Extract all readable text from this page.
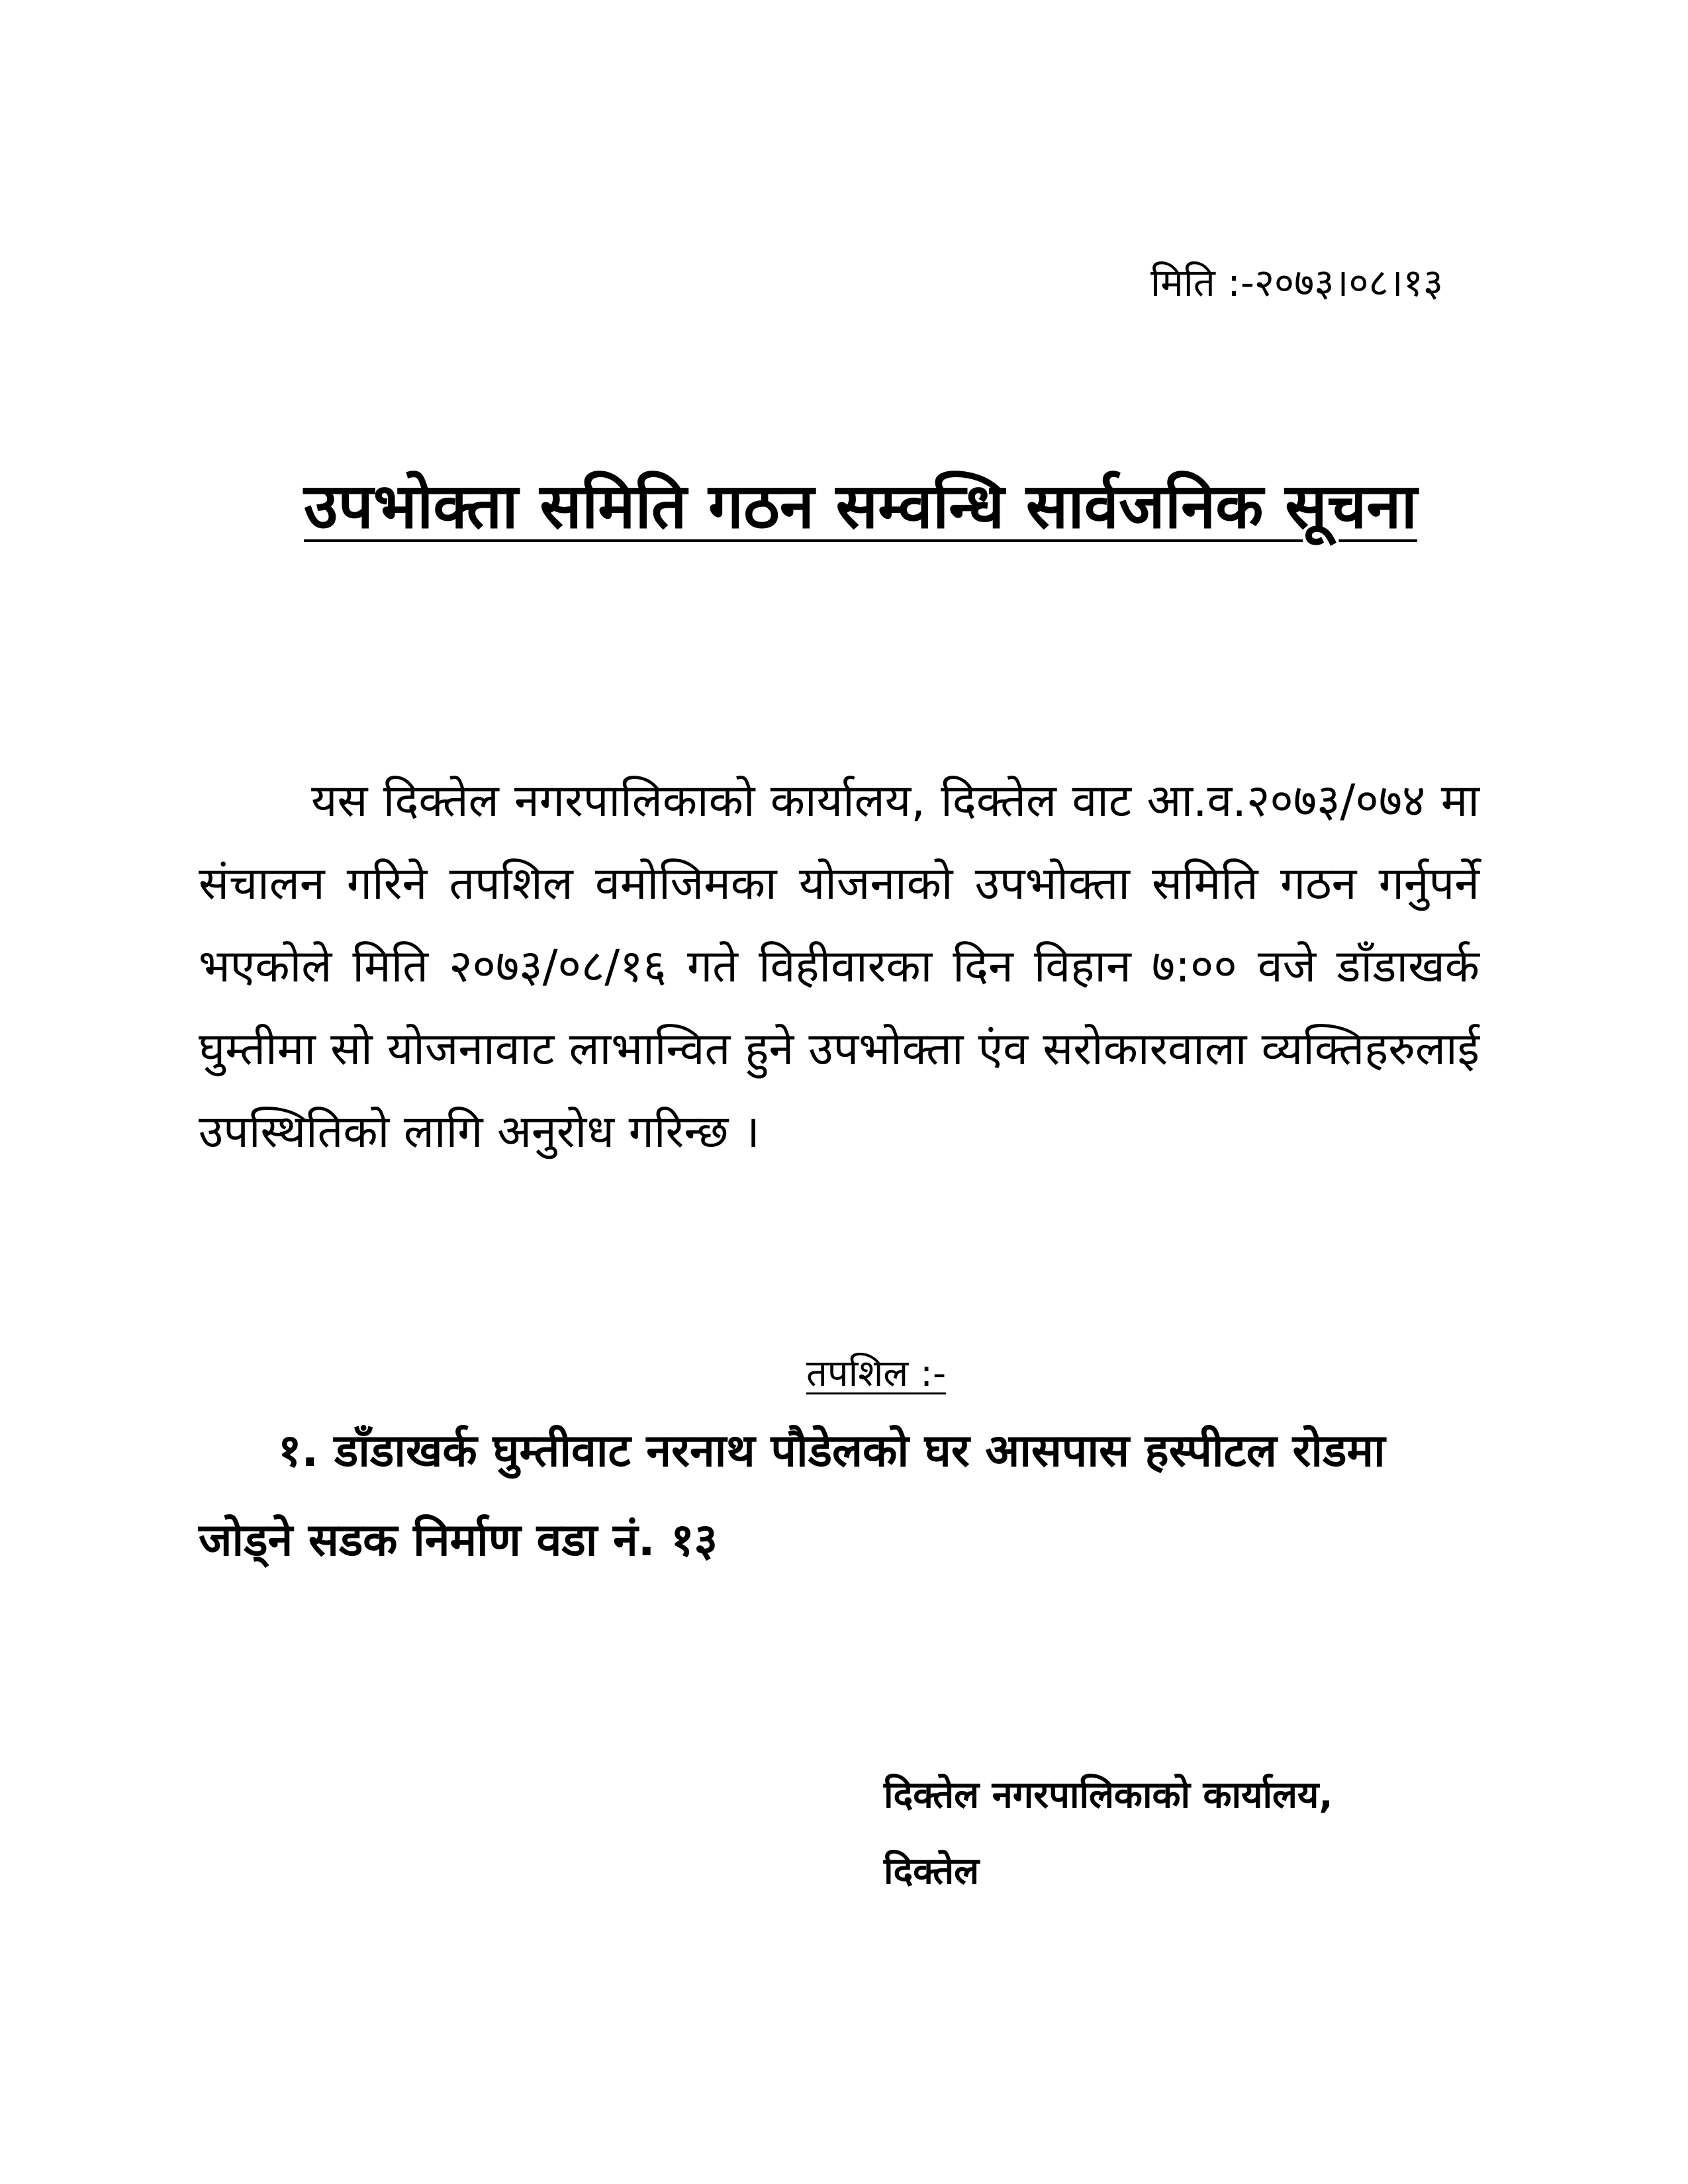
मिति :-२०७३।०८।१३
उपभोक्ता समिति गठन सम्वन्धि सार्वजनिक सूचना

यस दिक्तेल नगरपालिकाको कार्यालय, दिक्तेल वाट आ.व.२०७३/०७४ मा संचालन गरिने तपशिल वमोजिमका योजनाको उपभोक्ता समिति गठन गर्नुपर्ने भएकोले मिति २०७३/०८/१६ गते विहीवारका दिन विहान ७:०० वजे डाँडाखर्क घुम्तीमा सो योजनावाट लाभान्वित हुने उपभोक्ता एंव सरोकारवाला व्यक्तिहरुलाई उपस्थितिको लागि अनुरोध गरिन्छ ।

तपशिल :-
१. डाँडाखर्क घुम्तीवाट नरनाथ पौडेलको घर आसपास हस्पीटल रोडमा जोड्ने सडक निर्माण वडा नं. १३
दिक्तेल नगरपालिकाको कार्यालय,
दिक्तेल
